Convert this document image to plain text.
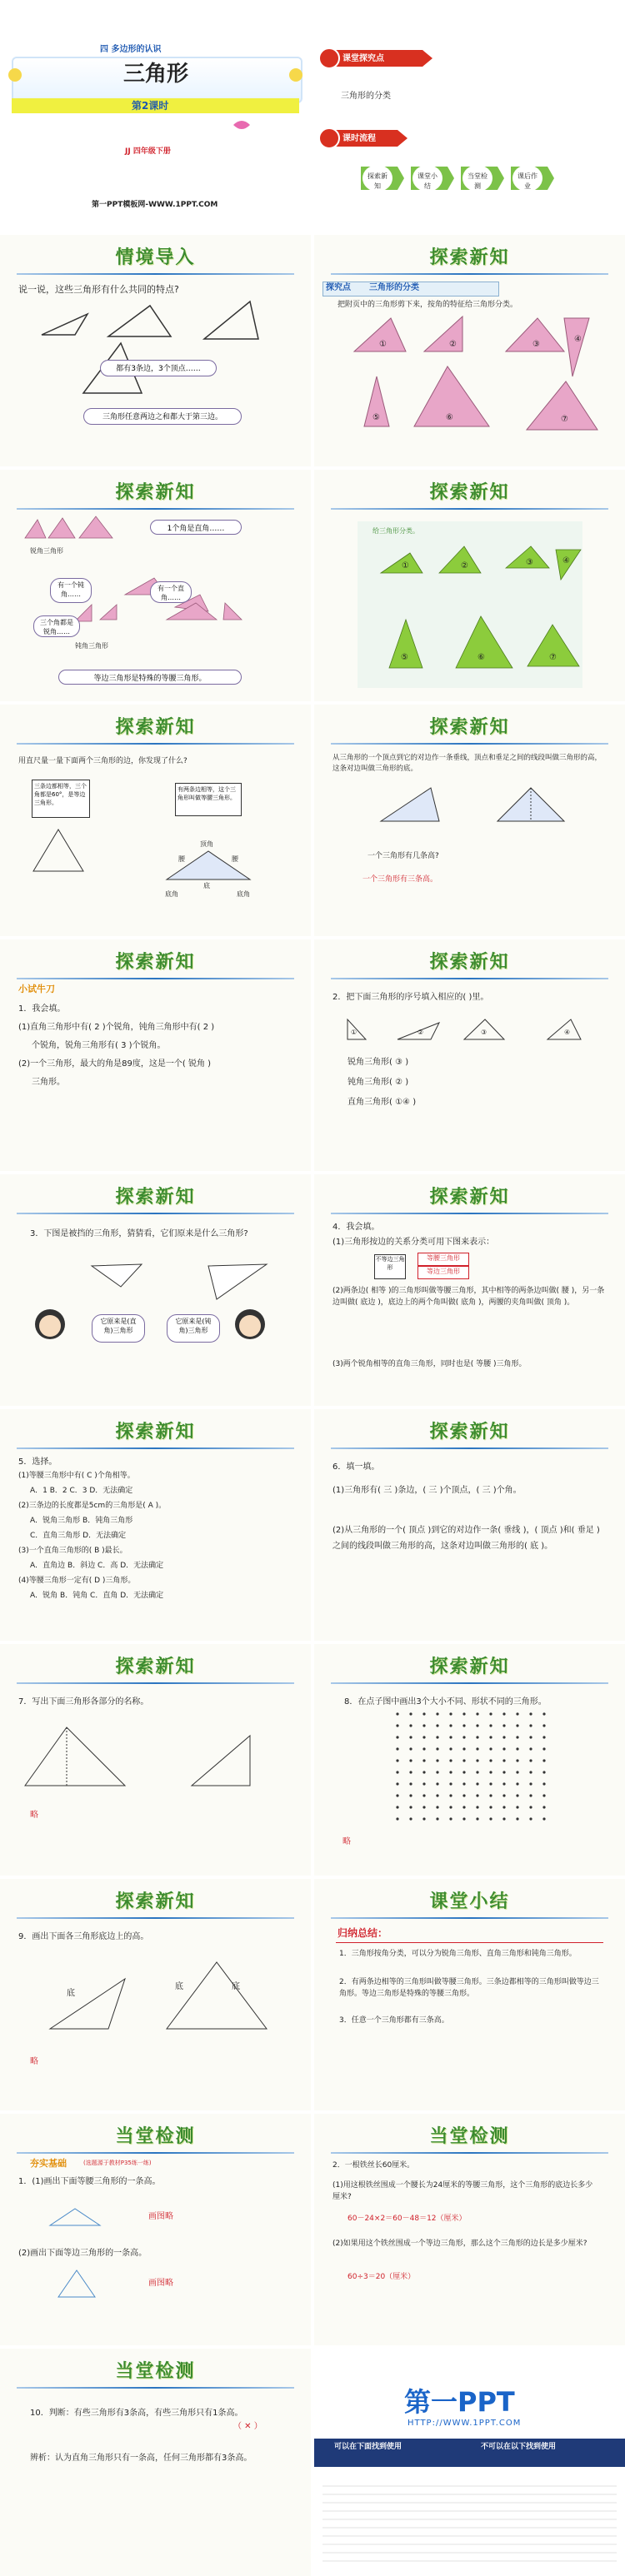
四 多边形的认识
三角形
第2课时
JJ 四年级下册
第一PPT模板网-WWW.1PPT.COM
课堂探究点
三角形的分类
课时流程
探索新知
课堂小结
当堂检测
课后作业
情境导入
说一说，这些三角形有什么共同的特点?
都有3条边，3个顶点……
三角形任意两边之和都大于第三边。
探索新知
探究点 三角形的分类
把附页中的三角形剪下来，按角的特征给三角形分类。
①	②	③
④
⑤	⑥	⑦
探索新知
锐角三角形
1个角是直角……
有一个钝角……
有一个直角……
三个角都是锐角……
钝角三角形
等边三角形是特殊的等腰三角形。
探索新知
给三角形分类。
①	②	③	④
⑤	⑥	⑦
探索新知
用直尺量一量下面两个三角形的边，你发现了什么?
三条边都相等，三个角都是60°，是等边三角形。
有两条边相等，这个三角形叫做等腰三角形。
底
腰	腰
顶角
底角	底角
探索新知
从三角形的一个顶点到它的对边作一条垂线，顶点和垂足之间的线段叫做三角形的高，这条对边叫做三角形的底。
一个三角形有几条高?
一个三角形有三条高。
探索新知
小试牛刀
1．我会填。
(1)直角三角形中有( 2 )个锐角，钝角三角形中有( 2 )
个锐角，锐角三角形有( 3 )个锐角。
(2)一个三角形，最大的角是89度，这是一个( 锐角 )
三角形。
探索新知
2．把下面三角形的序号填入相应的( )里。
①	②	③	④
锐角三角形( ③ )
钝角三角形( ② )
直角三角形( ①④ )
探索新知
3．下图是被挡的三角形，猜猜看，它们原来是什么三角形?
它原来是(直角)三角形
它原来是(钝角)三角形
探索新知
4．我会填。
(1)三角形按边的关系分类可用下图来表示：
不等边三角形
等腰三角形
等边三角形
(2)两条边( 相等 )的三角形叫做等腰三角形，其中相等的两条边叫做( 腰 )，另一条边叫做( 底边 )，底边上的两个角叫做( 底角 )，两腰的夹角叫做( 顶角 )。
(3)两个锐角相等的直角三角形，同时也是( 等腰 )三角形。
探索新知
5．选择。
(1)等腰三角形中有( C )个角相等。
A．1 B．2 C．3 D．无法确定
(2)三条边的长度都是5cm的三角形是( A )。
A．锐角三角形 B．钝角三角形
C．直角三角形 D．无法确定
(3)一个直角三角形的( B )最长。
A．直角边 B．斜边 C．高 D．无法确定
(4)等腰三角形一定有( D )三角形。
A．锐角 B．钝角 C．直角 D．无法确定
探索新知
6．填一填。
(1)三角形有( 三 )条边，( 三 )个顶点，( 三 )个角。
(2)从三角形的一个( 顶点 )到它的对边作一条( 垂线 )，( 顶点 )和( 垂足 )之间的线段叫做三角形的高，这条对边叫做三角形的( 底 )。
探索新知
7．写出下面三角形各部分的名称。
略
探索新知
8．在点子图中画出3个大小不同、形状不同的三角形。
略
探索新知
9．画出下面各三角形底边上的高。
底
底	底
略
课堂小结
归纳总结：
1．三角形按角分类，可以分为锐角三角形、直角三角形和钝角三角形。
2．有两条边相等的三角形叫做等腰三角形。三条边都相等的三角形叫做等边三角形。等边三角形是特殊的等腰三角形。
3．任意一个三角形都有三条高。
当堂检测
夯实基础	(选题源于教材P35练一练)
1．(1)画出下面等腰三角形的一条高。
画图略
(2)画出下面等边三角形的一条高。
画图略
当堂检测
2．一根铁丝长60厘米。
(1)用这根铁丝围成一个腰长为24厘米的等腰三角形，这个三角形的底边长多少厘米?
60－24×2＝60－48＝12（厘米）
(2)如果用这个铁丝围成一个等边三角形，那么这个三角形的边长是多少厘米?
60÷3＝20（厘米）
当堂检测
10．判断：有些三角形有3条高，有些三角形只有1条高。
（ ✕ ）
辨析：认为直角三角形只有一条高，任何三角形都有3条高。
第一PPT
HTTP://WWW.1PPT.COM
可以在下面找到使用	不可以在以下找到使用
